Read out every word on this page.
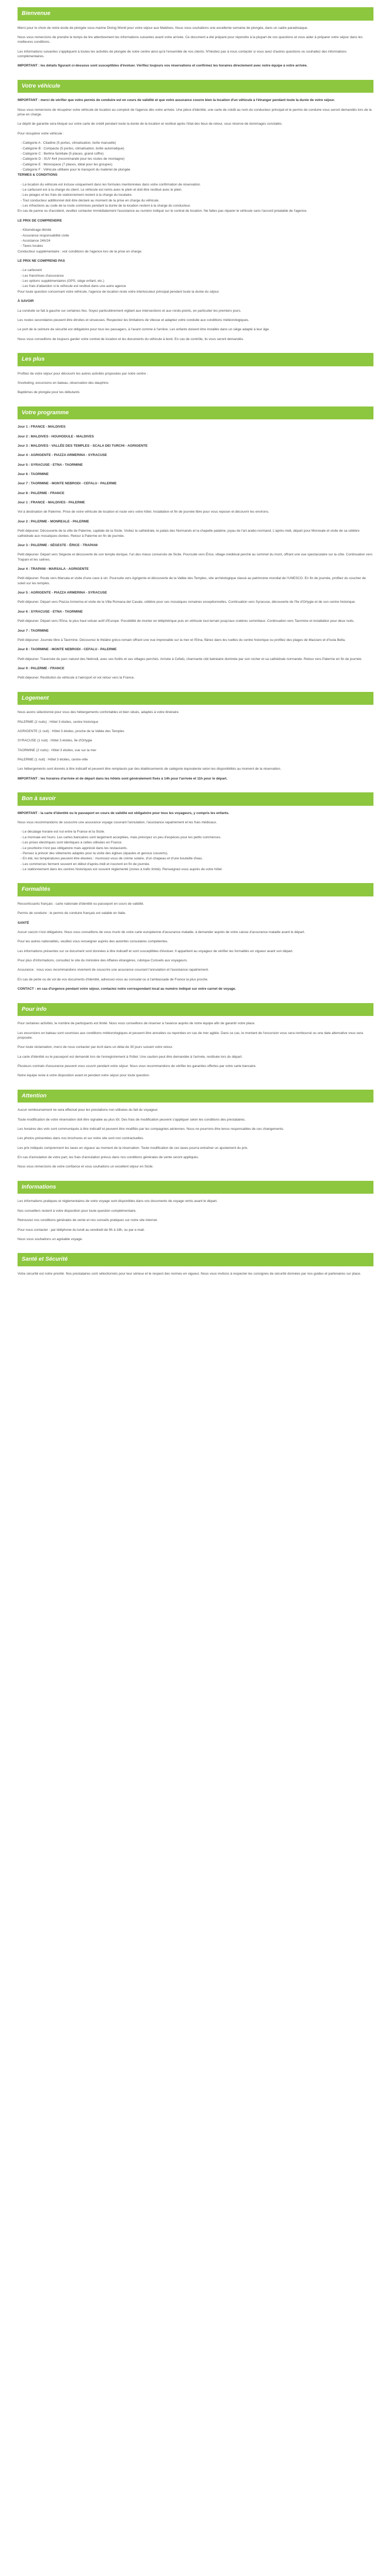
Bienvenue

Merci pour le choix de notre école de plongée sous-marine Diving World pour votre séjour aux Maldives. Nous vous souhaitons une excellente semaine de plongée, dans un cadre paradisiaque.

Nous vous remercions de prendre le temps de lire attentivement les informations suivantes avant votre arrivée. Ce document a été préparé pour répondre à la plupart de vos questions et vous aider à préparer votre séjour dans les meilleures conditions.

Les informations suivantes s'appliquent à toutes les activités de plongée de notre centre ainsi qu'à l'ensemble de nos clients. N'hésitez pas à nous contacter si vous avez d'autres questions ou souhaitez des informations complémentaires.

IMPORTANT : les détails figurant ci-dessous sont susceptibles d'évoluer. Vérifiez toujours vos réservations et confirmez les horaires directement avec notre équipe à votre arrivée.

Votre véhicule

IMPORTANT : merci de vérifier que votre permis de conduire est en cours de validité et que votre assurance couvre bien la location d'un véhicule à l'étranger pendant toute la durée de votre séjour.

Nous vous remercions de récupérer votre véhicule de location au comptoir de l'agence dès votre arrivée. Une pièce d'identité, une carte de crédit au nom du conducteur principal et le permis de conduire vous seront demandés lors de la prise en charge.

Le dépôt de garantie sera bloqué sur votre carte de crédit pendant toute la durée de la location et restitué après l'état des lieux de retour, sous réserve de dommages constatés.

Pour récupérer votre véhicule :

- Catégorie A : Citadine (5 portes, climatisation, boîte manuelle)

- Catégorie B : Compacte (5 portes, climatisation, boîte automatique)

- Catégorie C : Berline familiale (5 places, grand coffre)

- Catégorie D : SUV 4x4 (recommandé pour les routes de montagne)

- Catégorie E : Monospace (7 places, idéal pour les groupes)

- Catégorie F : Véhicule utilitaire pour le transport du matériel de plongée

TERMES & CONDITIONS

- La location du véhicule est incluse uniquement dans les formules mentionnées dans votre confirmation de réservation.

- Le carburant est à la charge du client. Le véhicule est remis avec le plein et doit être restitué avec le plein.

- Les péages et les frais de stationnement restent à la charge du locataire.

- Tout conducteur additionnel doit être déclaré au moment de la prise en charge du véhicule.

- Les infractions au code de la route commises pendant la durée de la location restent à la charge du conducteur.

En cas de panne ou d'accident, veuillez contacter immédiatement l'assistance au numéro indiqué sur le contrat de location. Ne faites pas réparer le véhicule sans l'accord préalable de l'agence.

LE PRIX DE COMPRENDRE

- Kilométrage illimité

- Assurance responsabilité civile

- Assistance 24h/24

- Taxes locales

Conducteur supplémentaire : voir conditions de l'agence lors de la prise en charge.

LE PRIX NE COMPREND PAS

- Le carburant

- Les franchises d'assurance

- Les options supplémentaires (GPS, siège enfant, etc.)

- Les frais d'abandon si le véhicule est restitué dans une autre agence

Pour toute question concernant votre véhicule, l'agence de location reste votre interlocuteur principal pendant toute la durée du séjour.

À SAVOIR

La conduite se fait à gauche sur certaines îles. Soyez particulièrement vigilant aux intersections et aux ronds-points, en particulier les premiers jours.

Les routes secondaires peuvent être étroites et sinueuses. Respectez les limitations de vitesse et adaptez votre conduite aux conditions météorologiques.

Le port de la ceinture de sécurité est obligatoire pour tous les passagers, à l'avant comme à l'arrière. Les enfants doivent être installés dans un siège adapté à leur âge.

Nous vous conseillons de toujours garder votre contrat de location et les documents du véhicule à bord. En cas de contrôle, ils vous seront demandés.

Les plus

Profitez de votre séjour pour découvrir les autres activités proposées par notre centre :

Snorkeling, excursions en bateau, observation des dauphins

Baptêmes de plongée pour les débutants

Votre programme

Jour 1 : FRANCE - MALDIVES

Jour 2 : MALDIVES - HOUHODULE - MALDIVES

Jour 3 : MALDIVES - VALLÉE DES TEMPLES - SCALA DEI TURCHI - AGRIGENTE

Jour 4 : AGRIGENTE - PIAZZA ARMERINA - SYRACUSE

Jour 5 : SYRACUSE - ETNA - TAORMINE

Jour 6 : TAORMINE

Jour 7 : TAORMINE - MONTE NEBRODI - CEFALU - PALERME

Jour 8 : PALERME - FRANCE

Jour 1 : FRANCE - MALDIVES - PALERME

Vol à destination de Palerme. Prise de votre véhicule de location et route vers votre hôtel. Installation et fin de journée libre pour vous reposer et découvrir les environs.

Jour 2 : PALERME - MONREALE - PALERME

Petit déjeuner. Découverte de la ville de Palerme, capitale de la Sicile. Visitez la cathédrale, le palais des Normands et la chapelle palatine, joyau de l'art arabo-normand. L'après-midi, départ pour Monreale et visite de sa célèbre cathédrale aux mosaïques dorées. Retour à Palerme en fin de journée.

Jour 3 : PALERME - SÉGESTE - ÉRICE - TRAPANI

Petit déjeuner. Départ vers Ségeste et découverte de son temple dorique, l'un des mieux conservés de Sicile. Poursuite vers Érice, village médiéval perché au sommet du mont, offrant une vue spectaculaire sur la côte. Continuation vers Trapani et les salines.

Jour 4 : TRAPANI - MARSALA - AGRIGENTE

Petit déjeuner. Route vers Marsala et visite d'une cave à vin. Poursuite vers Agrigente et découverte de la Vallée des Temples, site archéologique classé au patrimoine mondial de l'UNESCO. En fin de journée, profitez du coucher de soleil sur les temples.

Jour 5 : AGRIGENTE - PIAZZA ARMERINA - SYRACUSE

Petit déjeuner. Départ vers Piazza Armerina et visite de la Villa Romana del Casale, célèbre pour ses mosaïques romaines exceptionnelles. Continuation vers Syracuse, découverte de l'île d'Ortygie et de son centre historique.

Jour 6 : SYRACUSE - ETNA - TAORMINE

Petit déjeuner. Départ vers l'Etna, le plus haut volcan actif d'Europe. Possibilité de monter en téléphérique puis en véhicule tout-terrain jusqu'aux cratères sommitaux. Continuation vers Taormine et installation pour deux nuits.

Jour 7 : TAORMINE

Petit déjeuner. Journée libre à Taormine. Découvrez le théâtre gréco-romain offrant une vue imprenable sur la mer et l'Etna, flânez dans les ruelles du centre historique ou profitez des plages de Mazzaro et d'Isola Bella.

Jour 8 : TAORMINE - MONTE NEBRODI - CEFALU - PALERME

Petit déjeuner. Traversée du parc naturel des Nebrodi, avec ses forêts et ses villages perchés. Arrivée à Cefalù, charmante cité balnéaire dominée par son rocher et sa cathédrale normande. Retour vers Palerme en fin de journée.

Jour 9 : PALERME - FRANCE

Petit déjeuner. Restitution du véhicule à l'aéroport et vol retour vers la France.

Logement

Nous avons sélectionné pour vous des hébergements confortables et bien situés, adaptés à votre itinéraire.

PALERME (2 nuits) : Hôtel 3 étoiles, centre historique

AGRIGENTE (1 nuit) : Hôtel 3 étoiles, proche de la Vallée des Temples

SYRACUSE (1 nuit) : Hôtel 3 étoiles, île d'Ortygie

TAORMINE (2 nuits) : Hôtel 3 étoiles, vue sur la mer

PALERME (1 nuit) : Hôtel 3 étoiles, centre-ville

Les hébergements sont donnés à titre indicatif et peuvent être remplacés par des établissements de catégorie équivalente selon les disponibilités au moment de la réservation.

IMPORTANT : les horaires d'arrivée et de départ dans les hôtels sont généralement fixés à 14h pour l'arrivée et 11h pour le départ.

Bon à savoir

IMPORTANT : la carte d'identité ou le passeport en cours de validité est obligatoire pour tous les voyageurs, y compris les enfants.

Nous vous recommandons de souscrire une assurance voyage couvrant l'annulation, l'assistance rapatriement et les frais médicaux.

- Le décalage horaire est nul entre la France et la Sicile.

- La monnaie est l'euro. Les cartes bancaires sont largement acceptées, mais prévoyez un peu d'espèces pour les petits commerces.

- Les prises électriques sont identiques à celles utilisées en France.

- Le pourboire n'est pas obligatoire mais apprécié dans les restaurants.

- Pensez à prévoir des vêtements adaptés pour la visite des églises (épaules et genoux couverts).

- En été, les températures peuvent être élevées : munissez-vous de crème solaire, d'un chapeau et d'une bouteille d'eau.

- Les commerces ferment souvent en début d'après-midi et rouvrent en fin de journée.

- Le stationnement dans les centres historiques est souvent réglementé (zones à trafic limité). Renseignez-vous auprès de votre hôtel.

Formalités

Ressortissants français : carte nationale d'identité ou passeport en cours de validité.

Permis de conduire : le permis de conduire français est valable en Italie.

SANTÉ

Aucun vaccin n'est obligatoire. Nous vous conseillons de vous munir de votre carte européenne d'assurance maladie, à demander auprès de votre caisse d'assurance maladie avant le départ.

Pour les autres nationalités, veuillez vous renseigner auprès des autorités consulaires compétentes.

Les informations présentes sur ce document sont données à titre indicatif et sont susceptibles d'évoluer. Il appartient au voyageur de vérifier les formalités en vigueur avant son départ.

Pour plus d'informations, consultez le site du ministère des Affaires étrangères, rubrique Conseils aux voyageurs.

Assurance : nous vous recommandons vivement de souscrire une assurance couvrant l'annulation et l'assistance rapatriement.

En cas de perte ou de vol de vos documents d'identité, adressez-vous au consulat ou à l'ambassade de France la plus proche.

CONTACT : en cas d'urgence pendant votre séjour, contactez notre correspondant local au numéro indiqué sur votre carnet de voyage.

Pour info

Pour certaines activités, le nombre de participants est limité. Nous vous conseillons de réserver à l'avance auprès de notre équipe afin de garantir votre place.

Les excursions en bateau sont soumises aux conditions météorologiques et peuvent être annulées ou reportées en cas de mer agitée. Dans ce cas, le montant de l'excursion vous sera remboursé ou une date alternative vous sera proposée.

Pour toute réclamation, merci de nous contacter par écrit dans un délai de 30 jours suivant votre retour.

La carte d'identité ou le passeport est demandé lors de l'enregistrement à l'hôtel. Une caution peut être demandée à l'arrivée, restituée lors du départ.

Plusieurs contrats d'assurance peuvent vous couvrir pendant votre séjour. Nous vous recommandons de vérifier les garanties offertes par votre carte bancaire.

Notre équipe reste à votre disposition avant et pendant votre séjour pour toute question.

Attention

Aucun remboursement ne sera effectué pour les prestations non utilisées du fait du voyageur.

Toute modification de votre réservation doit être signalée au plus tôt. Des frais de modification peuvent s'appliquer selon les conditions des prestataires.

Les horaires des vols sont communiqués à titre indicatif et peuvent être modifiés par les compagnies aériennes. Nous ne pourrons être tenus responsables de ces changements.

Les photos présentées dans nos brochures et sur notre site sont non contractuelles.

Les prix indiqués comprennent les taxes en vigueur au moment de la réservation. Toute modification de ces taxes pourra entraîner un ajustement du prix.

En cas d'annulation de votre part, les frais d'annulation prévus dans nos conditions générales de vente seront appliqués.

Nous vous remercions de votre confiance et vous souhaitons un excellent séjour en Sicile.

Informations

Les informations pratiques et réglementaires de votre voyage sont disponibles dans vos documents de voyage remis avant le départ.

Nos conseillers restent à votre disposition pour toute question complémentaire.

Retrouvez nos conditions générales de vente et nos conseils pratiques sur notre site internet.

Pour nous contacter : par téléphone du lundi au vendredi de 9h à 18h, ou par e-mail.

Nous vous souhaitons un agréable voyage.

Santé et Sécurité

Votre sécurité est notre priorité. Nos prestataires sont sélectionnés pour leur sérieux et le respect des normes en vigueur. Nous vous invitons à respecter les consignes de sécurité données par nos guides et partenaires sur place.
